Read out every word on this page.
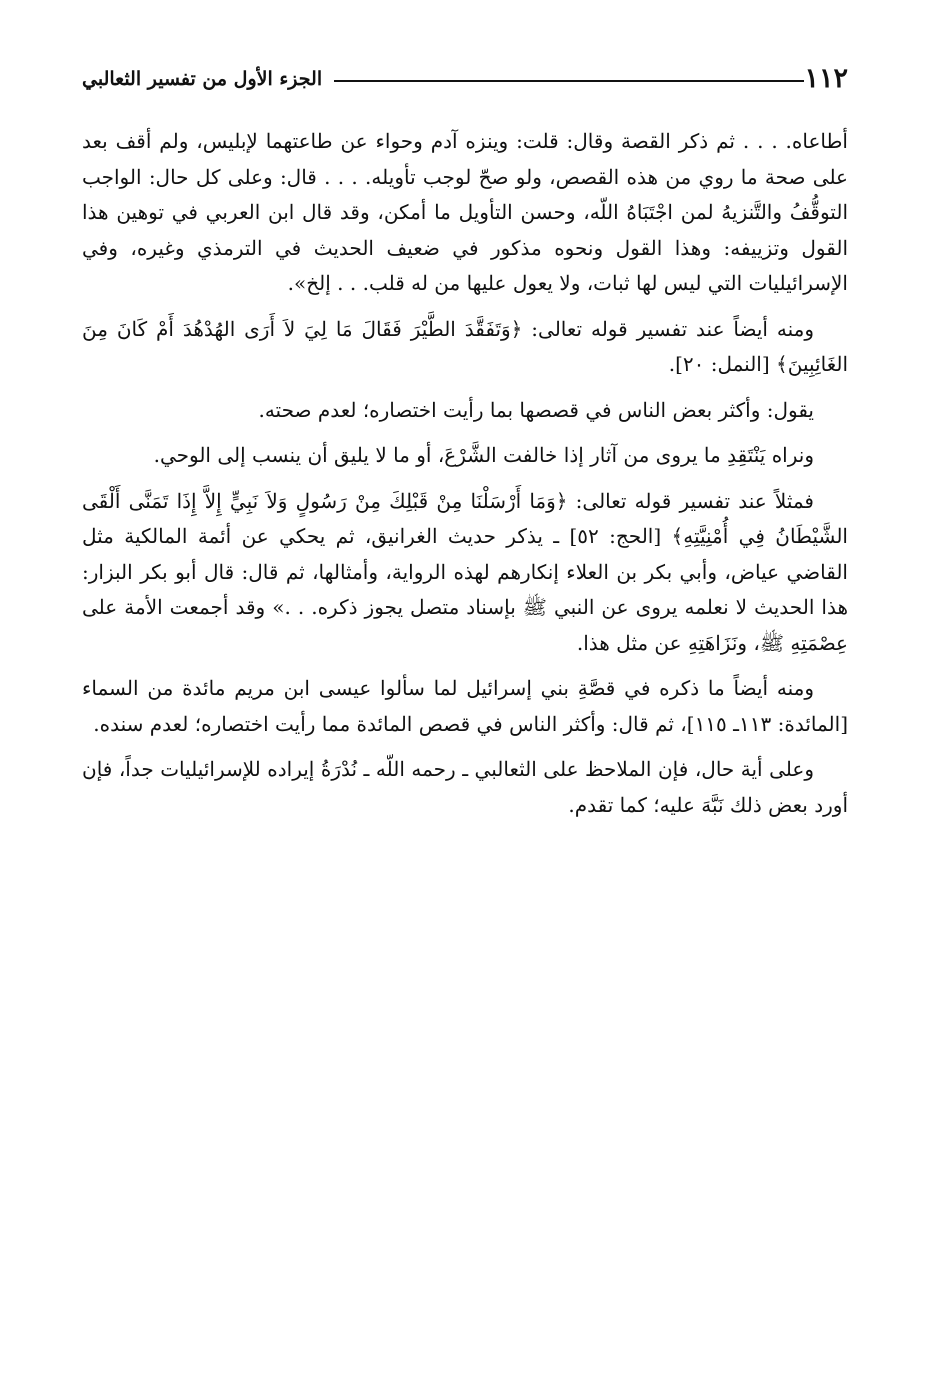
١١٢
الجزء الأول من تفسير الثعالبي

أطاعاه. . . . ثم ذكر القصة وقال: قلت: وينزه آدم وحواء عن طاعتهما لإبليس، ولم أقف بعد على صحة ما روي من هذه القصص، ولو صحّ لوجب تأويله. . . . قال: وعلى كل حال: الواجب التوقُّفُ والتَّنزيهُ لمن اجْتَبَاهُ اللّه، وحسن التأويل ما أمكن، وقد قال ابن العربي في توهين هذا القول وتزييفه: وهذا القول ونحوه مذكور في ضعيف الحديث في الترمذي وغيره، وفي الإسرائيليات التي ليس لها ثبات، ولا يعول عليها من له قلب. . . إلخ».

ومنه أيضاً عند تفسير قوله تعالى: ﴿وَتَفَقَّدَ الطَّيْرَ فَقَالَ مَا لِيَ لاَ أَرَى الهُدْهُدَ أَمْ كَانَ مِنَ الغَائِبِينَ﴾ [النمل: ٢٠].

يقول: وأكثر بعض الناس في قصصها بما رأيت اختصاره؛ لعدم صحته.

ونراه يَنْتَقِدِ ما يروى من آثار إذا خالفت الشَّرْعَ، أو ما لا يليق أن ينسب إلى الوحي.

فمثلاً عند تفسير قوله تعالى: ﴿وَمَا أَرْسَلْنَا مِنْ قَبْلِكَ مِنْ رَسُولٍ وَلاَ نَبِيٍّ إِلاَّ إِذَا تَمَنَّى أَلْقَى الشَّيْطَانُ فِي أُمْنِيَّتِهِ﴾ [الحج: ٥٢] ـ يذكر حديث الغرانيق، ثم يحكي عن أئمة المالكية مثل القاضي عياض، وأبي بكر بن العلاء إنكارهم لهذه الرواية، وأمثالها، ثم قال: قال أبو بكر البزار: هذا الحديث لا نعلمه يروى عن النبي ﷺ بإسناد متصل يجوز ذكره. . .» وقد أجمعت الأمة على عِصْمَتِهِ ﷺ، ونَزَاهَتِهِ عن مثل هذا.

ومنه أيضاً ما ذكره في قصَّةِ بني إسرائيل لما سألوا عيسى ابن مريم مائدة من السماء [المائدة: ١١٣ـ ١١٥]، ثم قال: وأكثر الناس في قصص المائدة مما رأيت اختصاره؛ لعدم سنده.

وعلى أية حال، فإن الملاحظ على الثعالبي ـ رحمه اللّه ـ نُدْرَةُ إيراده للإسرائيليات جداً، فإن أورد بعض ذلك نَبَّهَ عليه؛ كما تقدم.
